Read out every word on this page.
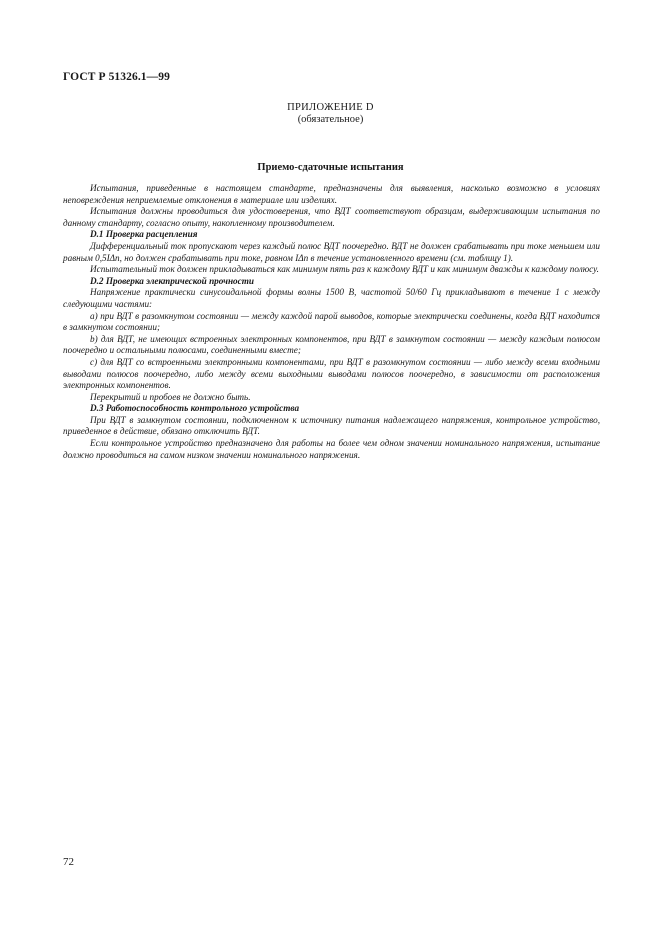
ГОСТ Р 51326.1—99
ПРИЛОЖЕНИЕ D
(обязательное)
Приемо-сдаточные испытания

Испытания, приведенные в настоящем стандарте, предназначены для выявления, насколько возможно в условиях неповреждения неприемлемые отклонения в материале или изделиях.

Испытания должны проводиться для удостоверения, что ВДТ соответствуют образцам, выдерживающим испытания по данному стандарту, согласно опыту, накопленному производителем.

D.1 Проверка расцепления

Дифференциальный ток пропускают через каждый полюс ВДТ поочередно. ВДТ не должен срабатывать при токе меньшем или равным 0,5IΔn, но должен срабатывать при токе, равном IΔn в течение установленного времени (см. таблицу 1).

Испытательный ток должен прикладываться как минимум пять раз к каждому ВДТ и как минимум дважды к каждому полюсу.

D.2 Проверка электрической прочности

Напряжение практически синусоидальной формы волны 1500 В, частотой 50/60 Гц прикладывают в течение 1 с между следующими частями:

a) при ВДТ в разомкнутом состоянии — между каждой парой выводов, которые электрически соединены, когда ВДТ находится в замкнутом состоянии;

b) для ВДТ, не имеющих встроенных электронных компонентов, при ВДТ в замкнутом состоянии — между каждым полюсом поочередно и остальными полюсами, соединенными вместе;

c) для ВДТ со встроенными электронными компонентами, при ВДТ в разомкнутом состоянии — либо между всеми входными выводами полюсов поочередно, либо между всеми выходными выводами полюсов поочередно, в зависимости от расположения электронных компонентов.

Перекрытий и пробоев не должно быть.

D.3 Работоспособность контрольного устройства

При ВДТ в замкнутом состоянии, подключенном к источнику питания надлежащего напряжения, контрольное устройство, приведенное в действие, обязано отключить ВДТ.

Если контрольное устройство предназначено для работы на более чем одном значении номинального напряжения, испытание должно проводиться на самом низком значении номинального напряжения.

72
